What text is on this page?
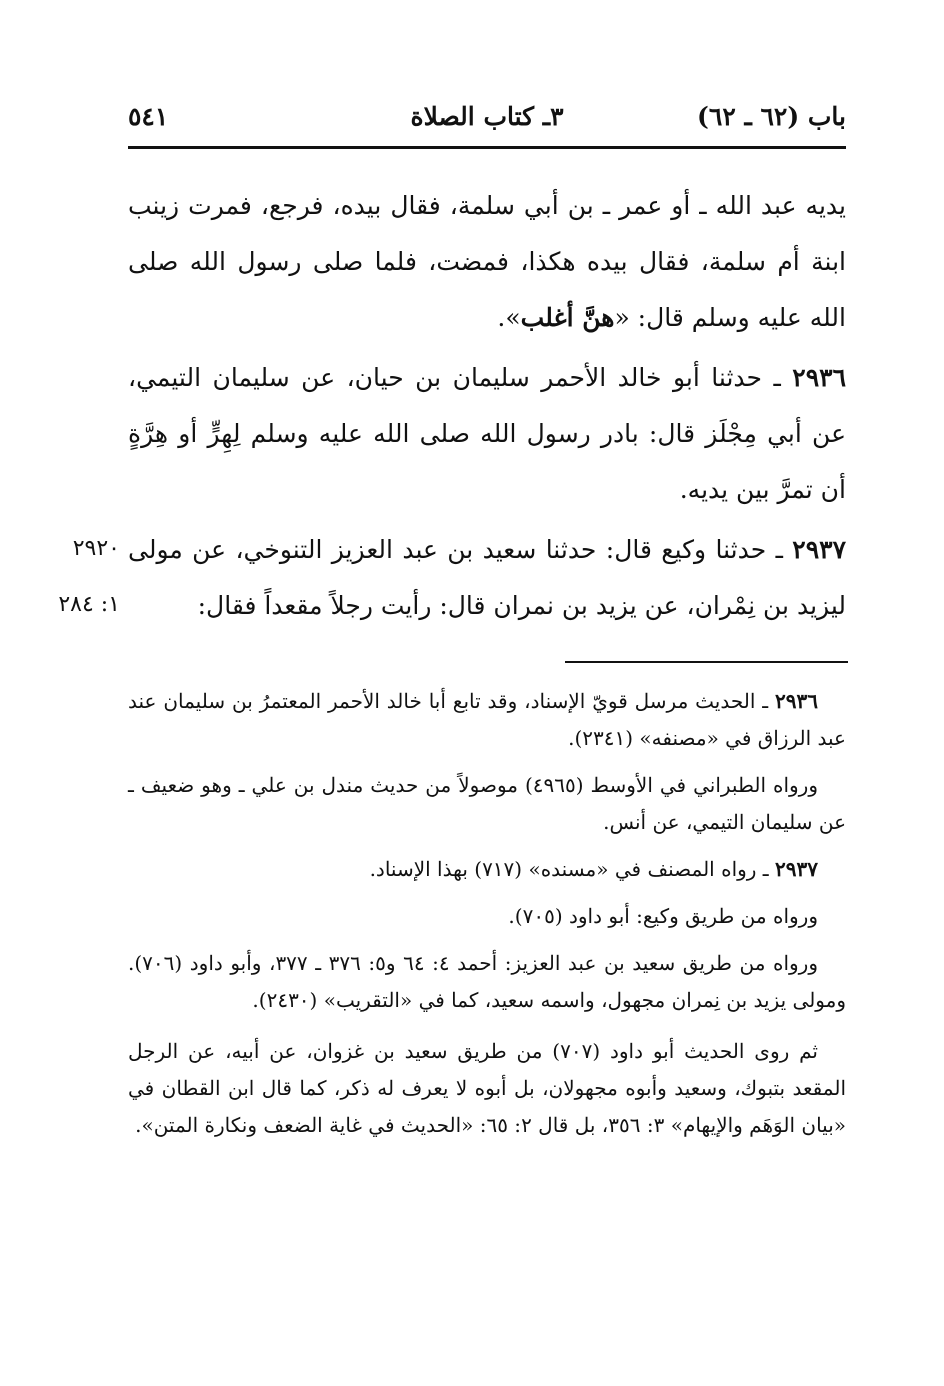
باب (٦٢ ـ ٦٢)
٣ـ كتاب الصلاة
٥٤١

يديه عبد الله ـ أو عمر ـ بن أبي سلمة، فقال بيده، فرجع، فمرت زينب ابنة أم سلمة، فقال بيده هكذا، فمضت، فلما صلى رسول الله صلى الله عليه وسلم قال: «هنَّ أغلب».

٢٩٣٦ ـ حدثنا أبو خالد الأحمر سليمان بن حيان، عن سليمان التيمي، عن أبي مِجْلَز قال: بادر رسول الله صلى الله عليه وسلم لِهِرٍّ أو هِرَّةٍ أن تمرَّ بين يديه.

٢٩٣٧ ـ حدثنا وكيع قال: حدثنا سعيد بن عبد العزيز التنوخي، عن مولى ليزيد بن نِمْران، عن يزيد بن نمران قال: رأيت رجلاً مقعداً فقال:

٢٩٢٠
١: ٢٨٤

٢٩٣٦ ـ الحديث مرسل قويّ الإسناد، وقد تابع أبا خالد الأحمر المعتمرُ بن سليمان عند عبد الرزاق في «مصنفه» (٢٣٤١).

ورواه الطبراني في الأوسط (٤٩٦٥) موصولاً من حديث مندل بن علي ـ وهو ضعيف ـ عن سليمان التيمي، عن أنس.

٢٩٣٧ ـ رواه المصنف في «مسنده» (٧١٧) بهذا الإسناد.

ورواه من طريق وكيع: أبو داود (٧٠٥).

ورواه من طريق سعيد بن عبد العزيز: أحمد ٤: ٦٤ و٥: ٣٧٦ ـ ٣٧٧، وأبو داود (٧٠٦). ومولى يزيد بن نِمران مجهول، واسمه سعيد، كما في «التقريب» (٢٤٣٠).

ثم روى الحديث أبو داود (٧٠٧) من طريق سعيد بن غزوان، عن أبيه، عن الرجل المقعد بتبوك، وسعيد وأبوه مجهولان، بل أبوه لا يعرف له ذكر، كما قال ابن القطان في «بيان الوَهَم والإيهام» ٣: ٣٥٦، بل قال ٢: ٦٥: «الحديث في غاية الضعف ونكارة المتن».
